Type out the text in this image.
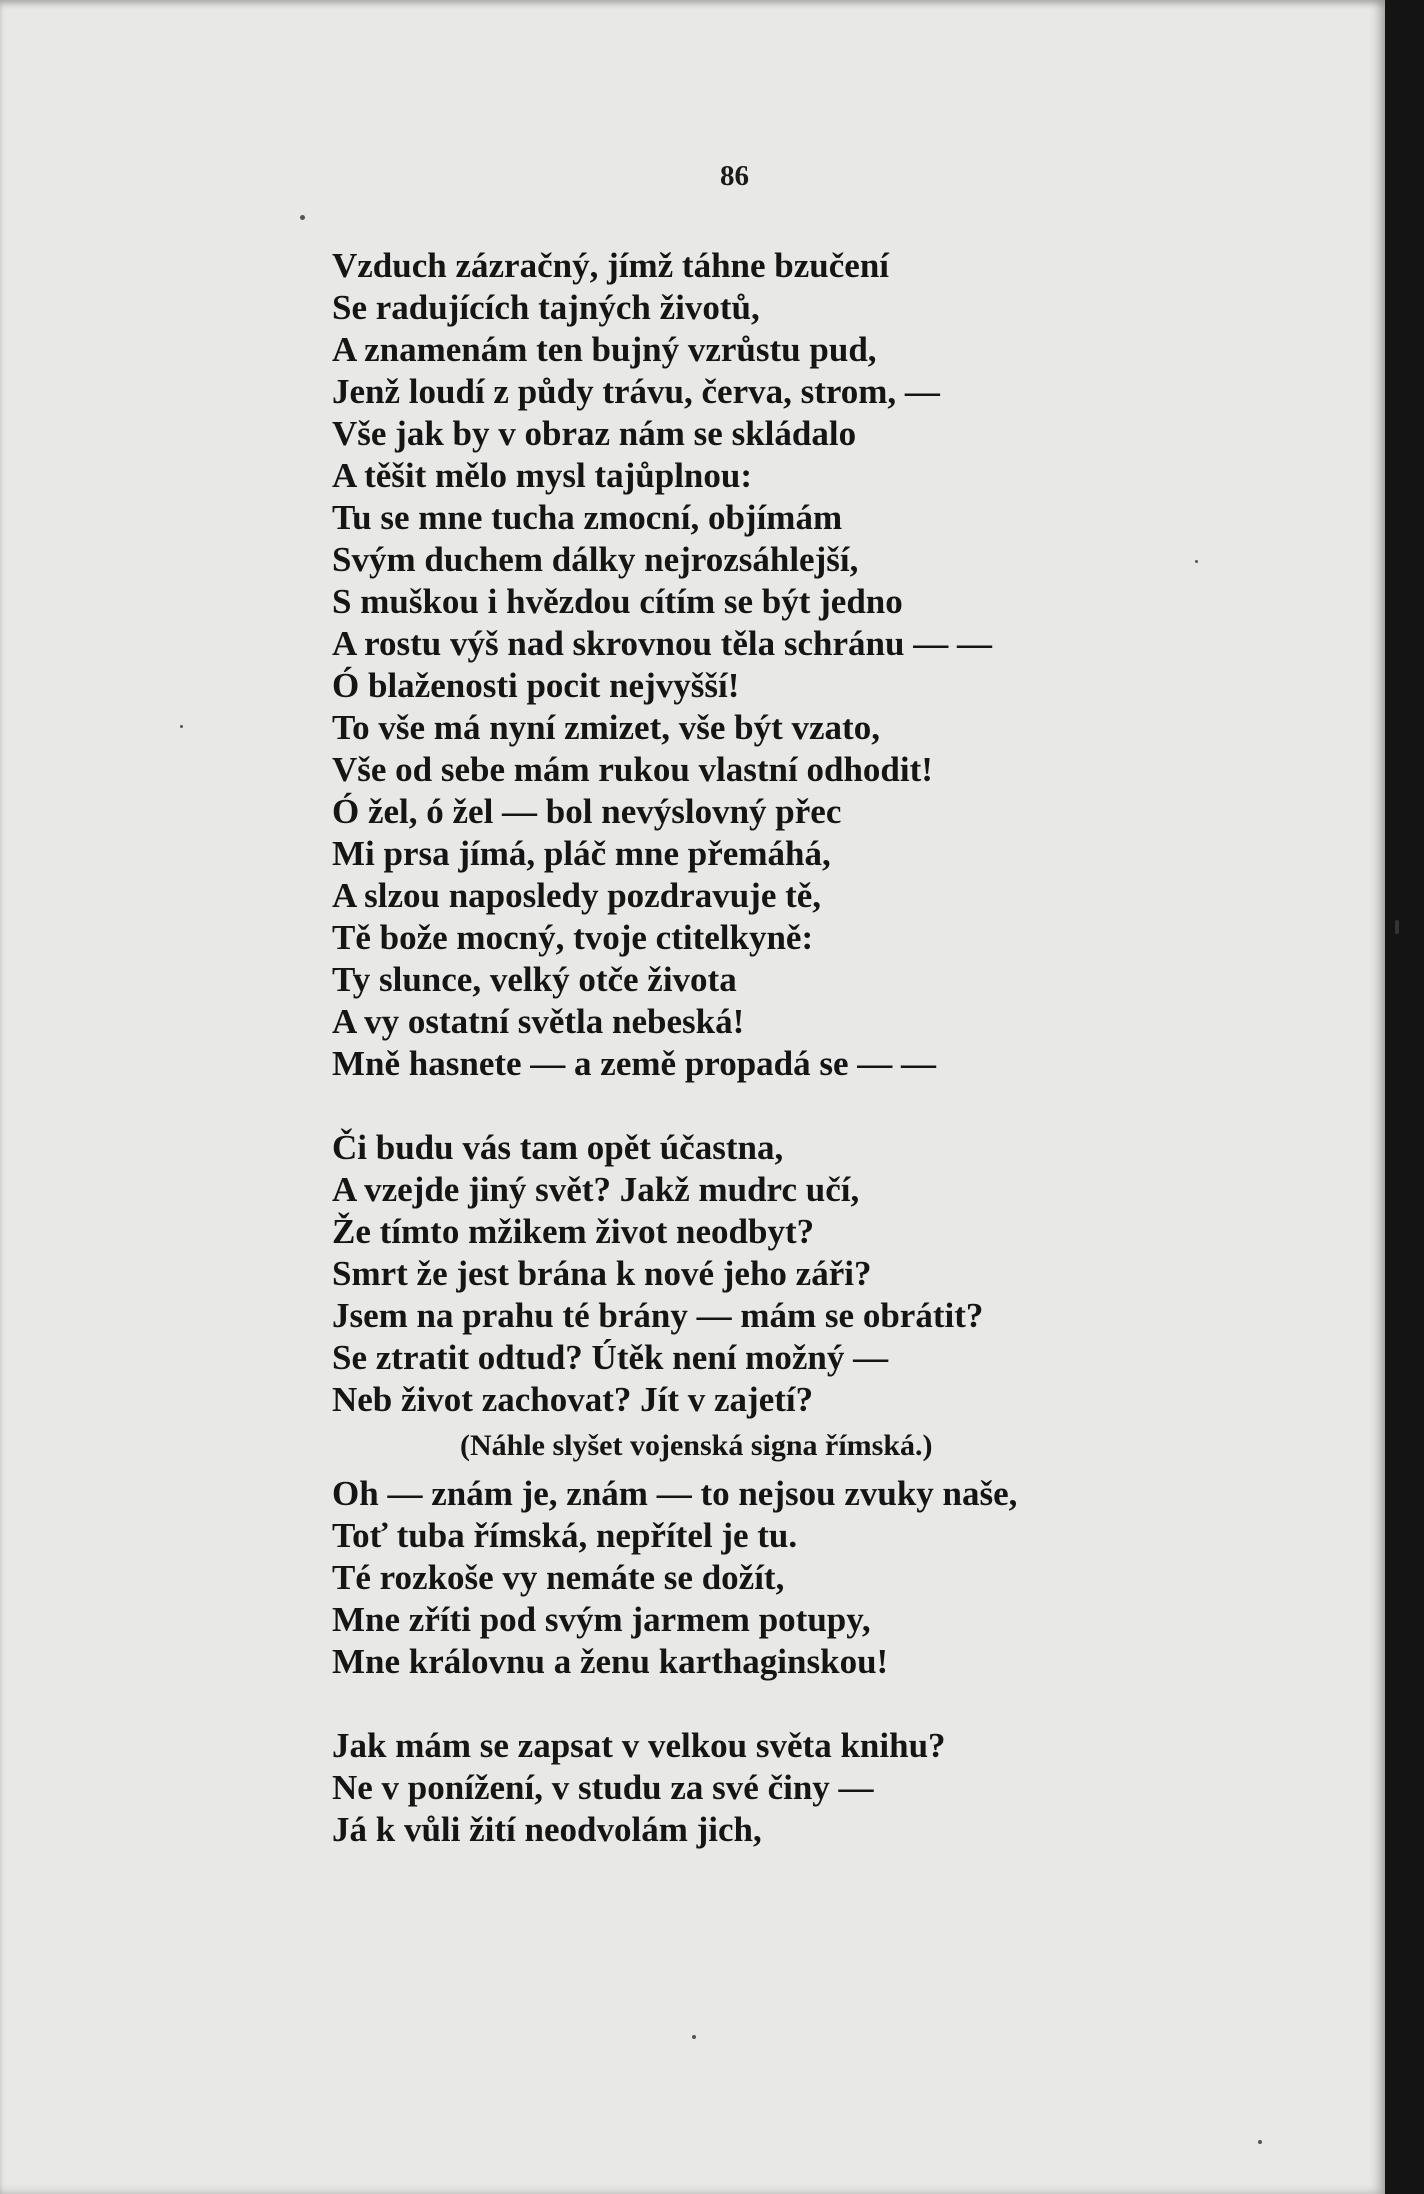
86
Vzduch zázračný, jímž táhne bzučení
Se radujících tajných životů,
A znamenám ten bujný vzrůstu pud,
Jenž loudí z půdy trávu, červa, strom, —
Vše jak by v obraz nám se skládalo
A těšit mělo mysl tajůplnou:
Tu se mne tucha zmocní, objímám
Svým duchem dálky nejrozsáhlejší,
S muškou i hvězdou cítím se být jedno
A rostu výš nad skrovnou těla schránu — —
Ó blaženosti pocit nejvyšší!
To vše má nyní zmizet, vše být vzato,
Vše od sebe mám rukou vlastní odhodit!
Ó žel, ó žel — bol nevýslovný přec
Mi prsa jímá, pláč mne přemáhá,
A slzou naposledy pozdravuje tě,
Tě bože mocný, tvoje ctitelkyně:
Ty slunce, velký otče života
A vy ostatní světla nebeská!
Mně hasnete — a země propadá se — —
Či budu vás tam opět účastna,
A vzejde jiný svět? Jakž mudrc učí,
Že tímto mžikem život neodbyt?
Smrt že jest brána k nové jeho záři?
Jsem na prahu té brány — mám se obrátit?
Se ztratit odtud? Útěk není možný —
Neb život zachovat? Jít v zajetí?
(Náhle slyšet vojenská signa římská.)
Oh — znám je, znám — to nejsou zvuky naše,
Toť tuba římská, nepřítel je tu.
Té rozkoše vy nemáte se dožít,
Mne zříti pod svým jarmem potupy,
Mne královnu a ženu karthaginskou!
Jak mám se zapsat v velkou světa knihu?
Ne v ponížení, v studu za své činy —
Já k vůli žití neodvolám jich,
